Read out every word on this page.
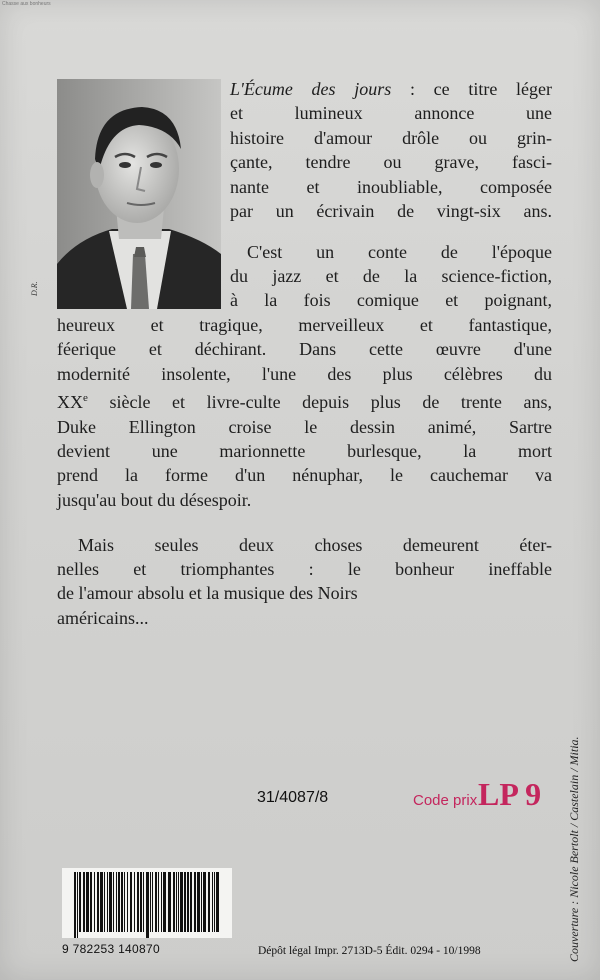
Chasse aux bonheurs
D.R.
L'Écume des jours : ce titre léger
et lumineux annonce une
histoire d'amour drôle ou grin-
çante, tendre ou grave, fasci-
nante et inoubliable, composée
par un écrivain de vingt-six ans.
C'est un conte de l'époque
du jazz et de la science-fiction,
à la fois comique et poignant,
heureux et tragique, merveilleux et fantastique,
féerique et déchirant. Dans cette œuvre d'une
modernité insolente, l'une des plus célèbres du
XXe siècle et livre-culte depuis plus de trente ans,
Duke Ellington croise le dessin animé, Sartre
devient une marionnette burlesque, la mort
prend la forme d'un nénuphar, le cauchemar va
jusqu'au bout du désespoir.
Mais seules deux choses demeurent éter-
nelles et triomphantes : le bonheur ineffable
de l'amour absolu et la musique des Noirs
américains...
9 782253 140870
31/4087/8	Code prix LP 9
Dépôt légal Impr. 2713D-5 Édit. 0294 - 10/1998	Couverture : Nicole Bertolt / Castelain / Mitia.
